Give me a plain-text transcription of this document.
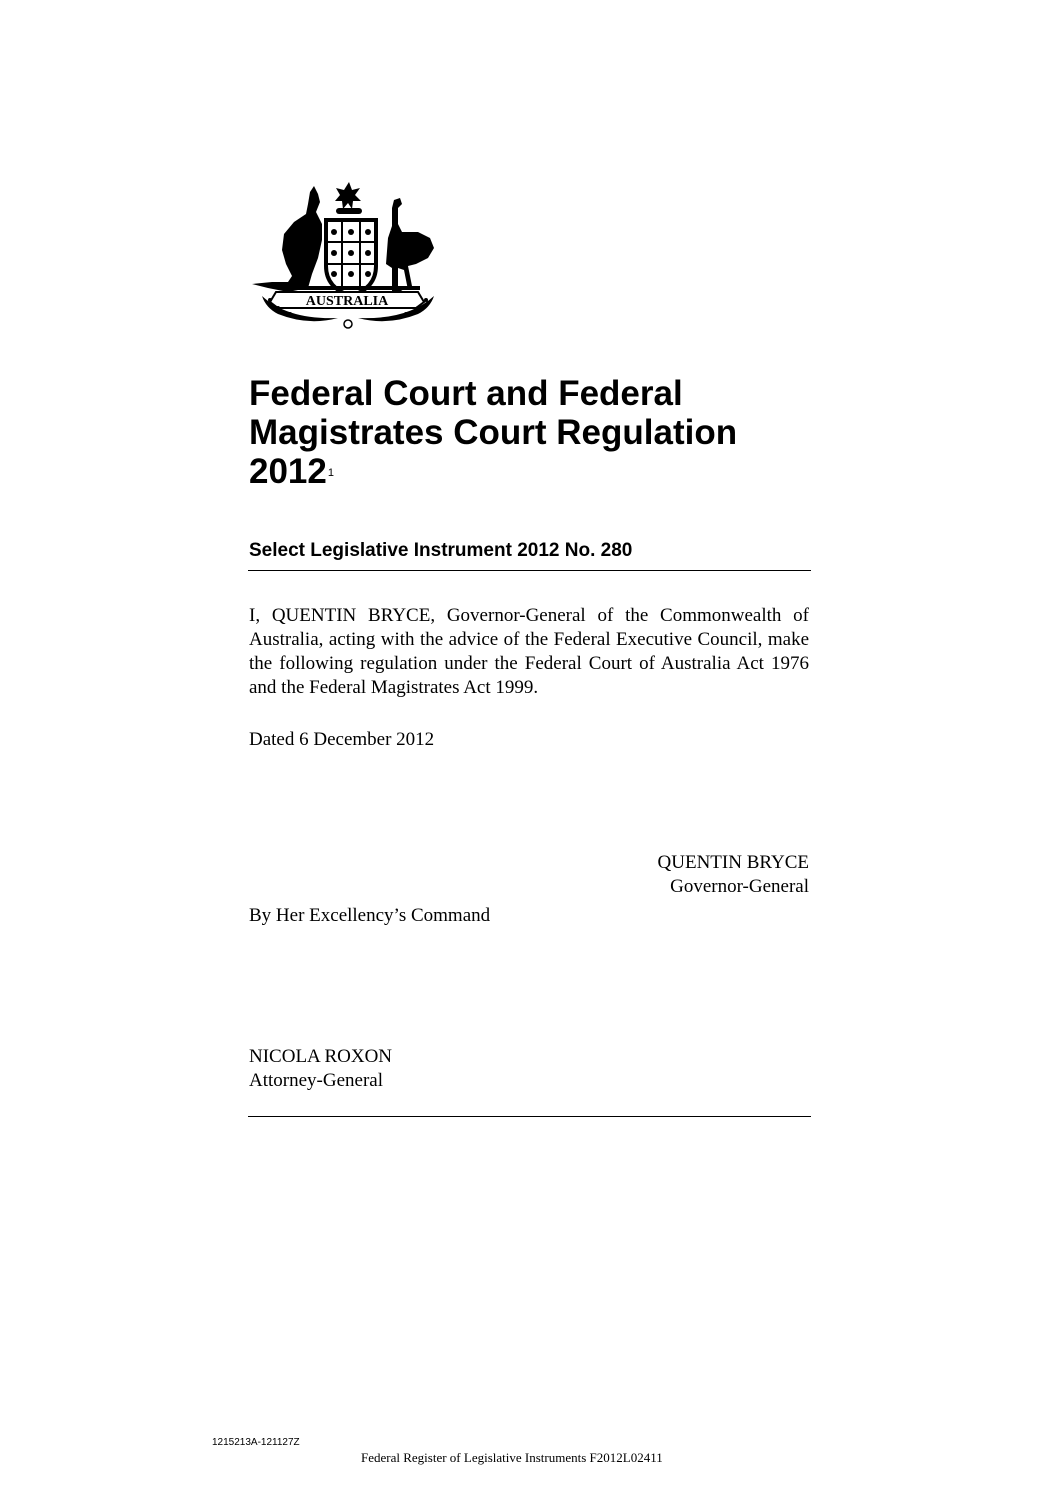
AUSTRALIA
Federal Court and Federal
Magistrates Court Regulation
2012$^1$
Select Legislative Instrument 2012 No. 280

I, QUENTIN BRYCE, Governor-General of the Commonwealth of Australia, acting with the advice of the Federal Executive Council, make the following regulation under the Federal Court of Australia Act 1976 and the Federal Magistrates Act 1999.

Dated 6 December 2012
QUENTIN BRYCE
Governor-General
By Her Excellency’s Command
NICOLA ROXON
Attorney-General
1215213A-121127Z
Federal Register of Legislative Instruments F2012L02411
